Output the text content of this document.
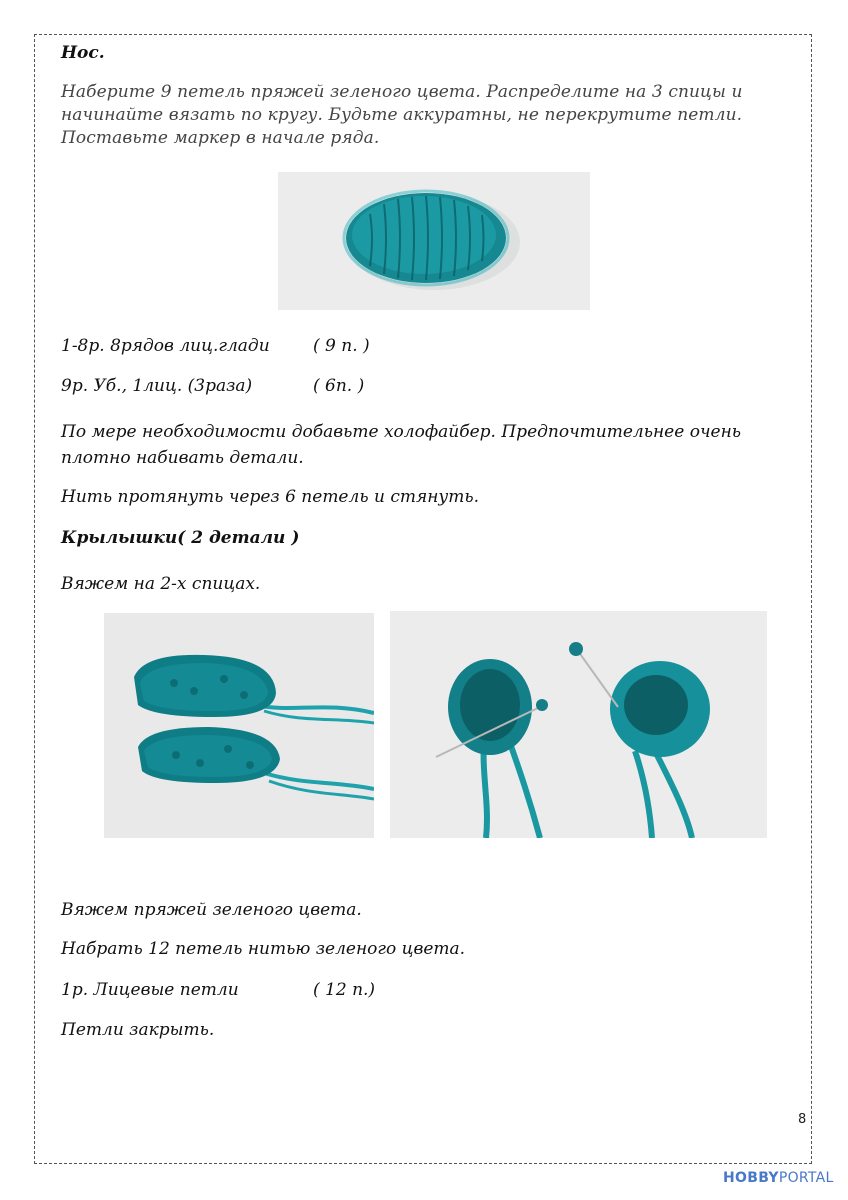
Нос.

Наберите 9 петель пряжей зеленого цвета. Распределите на 3 спицы и

начинайте вязать по кругу. Будьте аккуратны, не перекрутите петли.

Поставьте маркер в начале ряда.

1-8р. 8рядов лиц.глади	( 9 п. )

9р. Уб., 1лиц. (3раза)	( 6п. )

По мере необходимости добавьте холофайбер. Предпочтительнее очень

плотно набивать детали.

Нить протянуть через 6 петель и стянуть.

Крылышки( 2 детали )

Вяжем на 2-х спицах.

Вяжем пряжей зеленого цвета.

Набрать 12 петель нитью зеленого цвета.

1р. Лицевые петли	( 12 п.)

Петли закрыть.

8
HOBBYPORTAL
